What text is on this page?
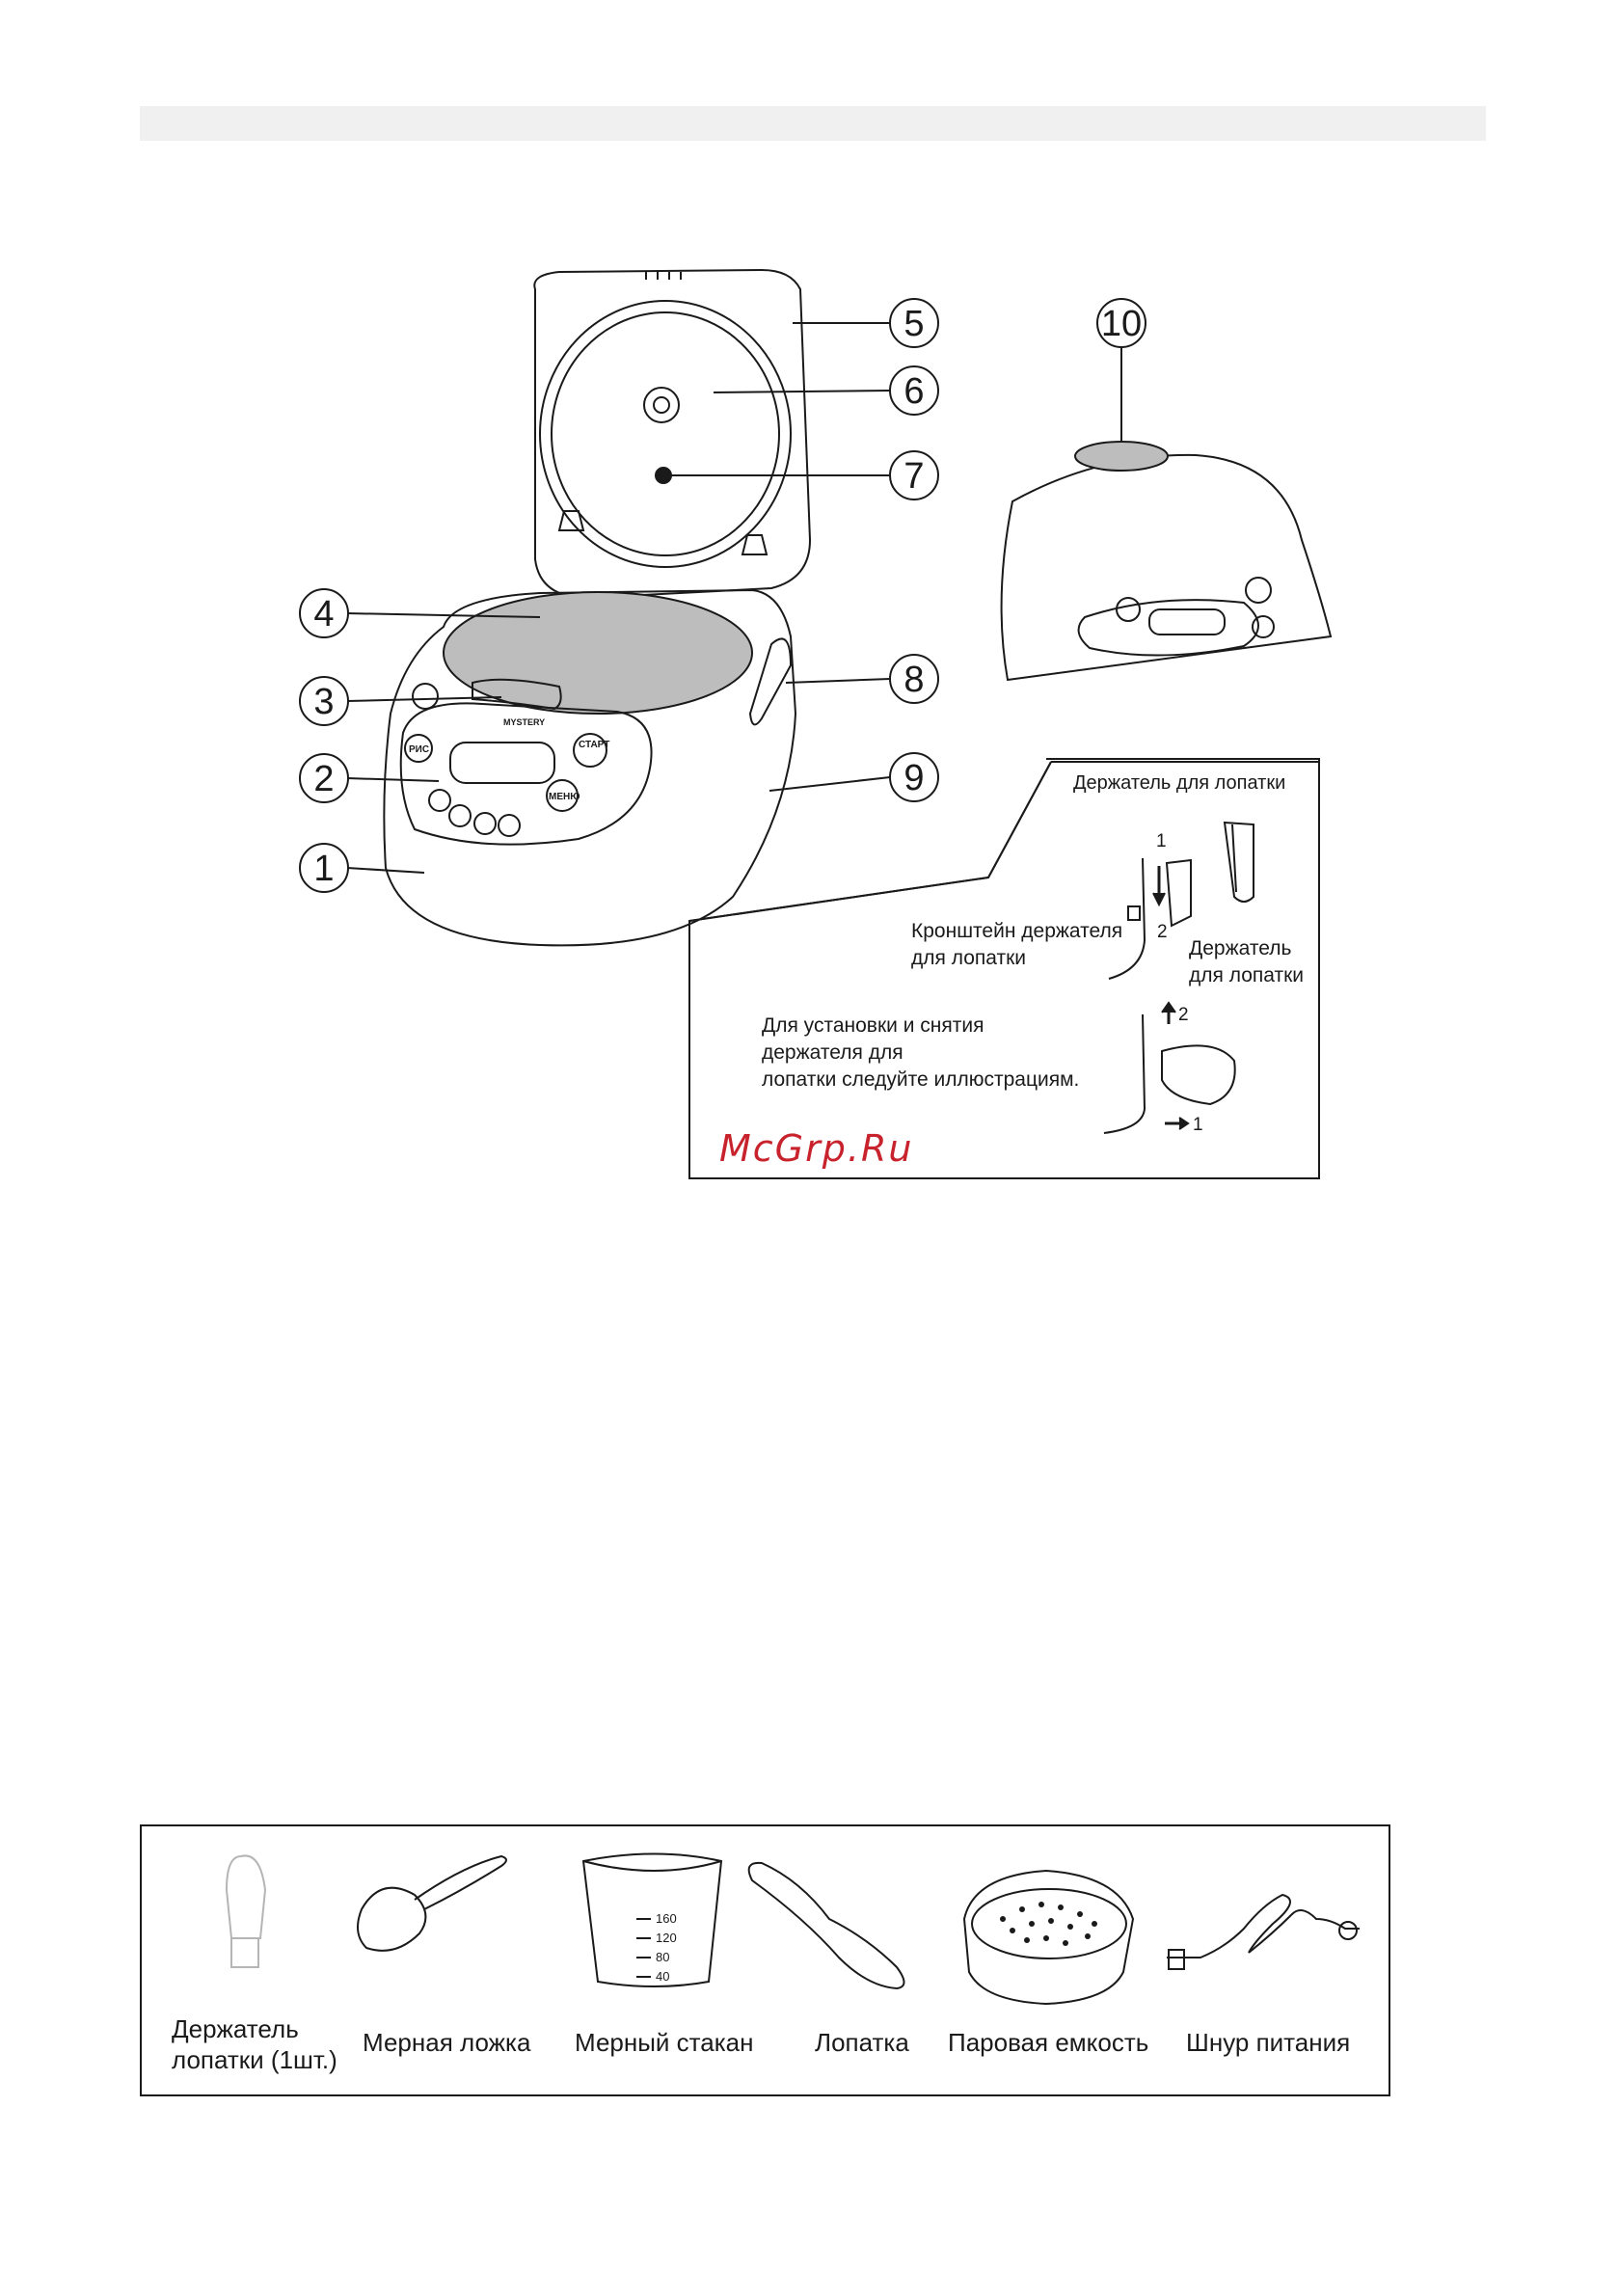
1
2
3
4
5
6
7
8
9
10
MYSTERY
СТАРТ
РИС
МЕНЮ
1
2
2
1
160
120
80
40
Держатель для лопатки
Кронштейн держателя
для лопатки	Держатель
для лопатки
Для установки и снятия
держателя для
лопатки следуйте иллюстрациям.
McGrp.Ru
Держатель
лопатки (1шт.)
Мерная ложка Мерный стакан Лопатка Паровая емкость Шнур питания
